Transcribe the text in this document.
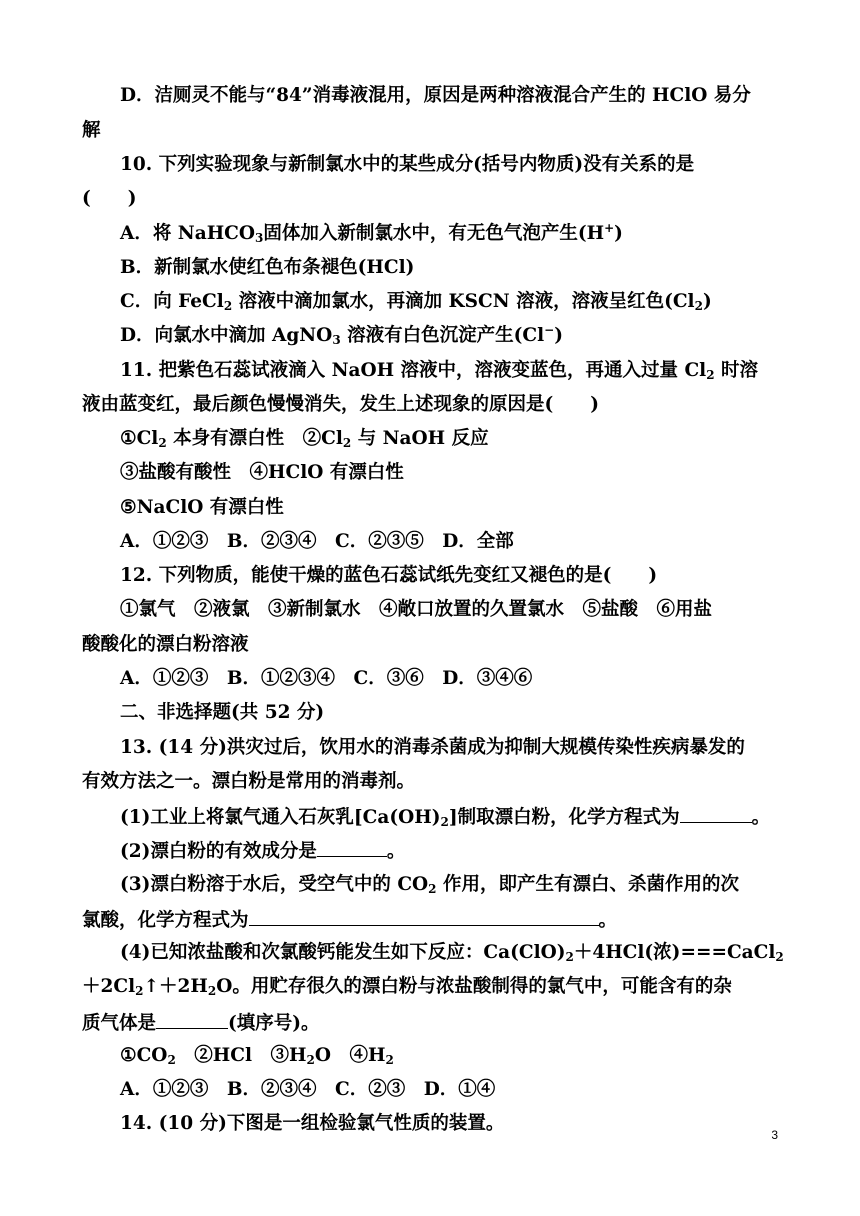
D．洁厕灵不能与“84”消毒液混用，原因是两种溶液混合产生的 HClO 易分
解
10. 下列实验现象与新制氯水中的某些成分(括号内物质)没有关系的是
(　　)
A．将 NaHCO$_3$固体加入新制氯水中，有无色气泡产生(H+)
B．新制氯水使红色布条褪色(HCl)
C．向 FeCl$_2$ 溶液中滴加氯水，再滴加 KSCN 溶液，溶液呈红色$(Cl_2)$
D．向氯水中滴加 AgNO$_3$ 溶液有白色沉淀产生(Cl−)
11. 把紫色石蕊试液滴入 NaOH 溶液中，溶液变蓝色，再通入过量 $Cl_2$ 时溶
液由蓝变红，最后颜色慢慢消失，发生上述现象的原因是(　　)
$①Cl_2$ 本身有漂白性　$②Cl_2$ 与 NaOH 反应
③盐酸有酸性　④HClO 有漂白性
⑤NaClO 有漂白性
A．①②③　B．②③④　C．②③⑤　D．全部
12. 下列物质，能使干燥的蓝色石蕊试纸先变红又褪色的是(　　)
①氯气　②液氯　③新制氯水　④敞口放置的久置氯水　⑤盐酸　⑥用盐
酸酸化的漂白粉溶液
A．①②③　B．①②③④　C．③⑥　D．③④⑥
二、非选择题(共 52 分)
13. (14 分)洪灾过后，饮用水的消毒杀菌成为抑制大规模传染性疾病暴发的
有效方法之一。漂白粉是常用的消毒剂。
(1)工业上将氯气通入石灰乳$[Ca(OH)_2]$制取漂白粉，化学方程式为	。
(2)漂白粉的有效成分是	。
(3)漂白粉溶于水后，受空气中的 $CO_2$ 作用，即产生有漂白、杀菌作用的次
氯酸，化学方程式为	。
(4)已知浓盐酸和次氯酸钙能发生如下反应：$Ca(ClO)_2+4HCl$(浓)===CaCl$_2$
$+2Cl_2↑+2H_2O$。用贮存很久的漂白粉与浓盐酸制得的氯气中，可能含有的杂
质气体是	(填序号)。
$①CO_2$　②HCl　$③H_2O$　$④H_2$
A．①②③　B．②③④　C．②③　D．①④
14. (10 分)下图是一组检验氯气性质的装置。
3
